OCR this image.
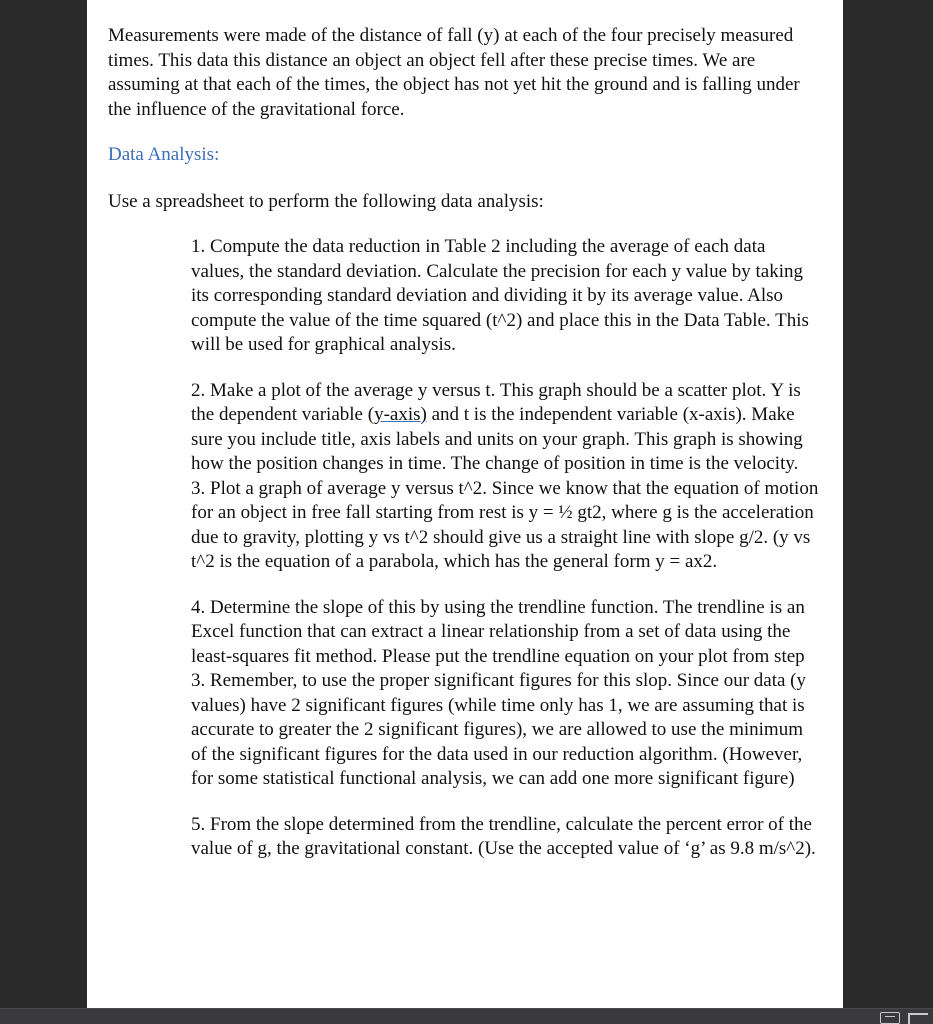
Measurements were made of the distance of fall (y) at each of the four precisely measured times. This data this distance an object an object fell after these precise times. We are assuming at that each of the times, the object has not yet hit the ground and is falling under the influence of the gravitational force.

Data Analysis:

Use a spreadsheet to perform the following data analysis:

1. Compute the data reduction in Table 2 including the average of each data values, the standard deviation. Calculate the precision for each y value by taking its corresponding standard deviation and dividing it by its average value. Also compute the value of the time squared (t^2) and place this in the Data Table. This will be used for graphical analysis.

2. Make a plot of the average y versus t. This graph should be a scatter plot. Y is the dependent variable (y-axis) and t is the independent variable (x-axis). Make sure you include title, axis labels and units on your graph. This graph is showing how the position changes in time. The change of position in time is the velocity.

3. Plot a graph of average y versus t^2. Since we know that the equation of motion for an object in free fall starting from rest is y = ½ gt2, where g is the acceleration due to gravity, plotting y vs t^2 should give us a straight line with slope g/2. (y vs t^2 is the equation of a parabola, which has the general form y = ax2.

4. Determine the slope of this by using the trendline function. The trendline is an Excel function that can extract a linear relationship from a set of data using the least-squares fit method. Please put the trendline equation on your plot from step 3. Remember, to use the proper significant figures for this slop. Since our data (y values) have 2 significant figures (while time only has 1, we are assuming that is accurate to greater the 2 significant figures), we are allowed to use the minimum of the significant figures for the data used in our reduction algorithm. (However, for some statistical functional analysis, we can add one more significant figure)

5. From the slope determined from the trendline, calculate the percent error of the value of g, the gravitational constant. (Use the accepted value of ‘g’ as 9.8 m/s^2).
